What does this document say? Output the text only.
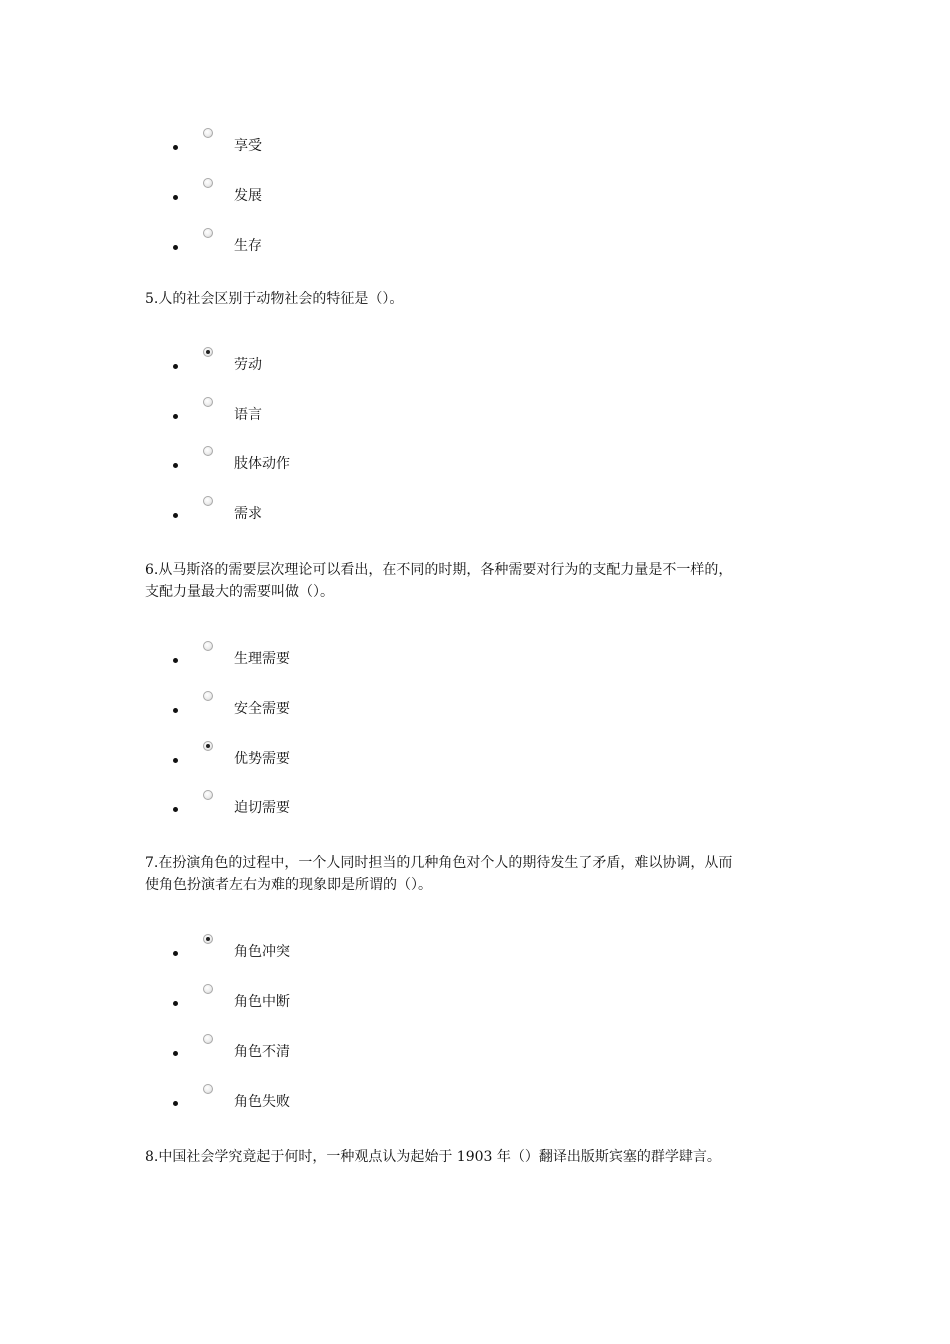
享受
发展
生存

5.人的社会区别于动物社会的特征是（）。

劳动
语言
肢体动作
需求

6.从马斯洛的需要层次理论可以看出，在不同的时期，各种需要对行为的支配力量是不一样的，
支配力量最大的需要叫做（）。

生理需要
安全需要
优势需要
迫切需要

7.在扮演角色的过程中，一个人同时担当的几种角色对个人的期待发生了矛盾，难以协调，从而
使角色扮演者左右为难的现象即是所谓的（）。

角色冲突
角色中断
角色不清
角色失败

8.中国社会学究竟起于何时，一种观点认为起始于 1903 年（）翻译出版斯宾塞的群学肆言。
